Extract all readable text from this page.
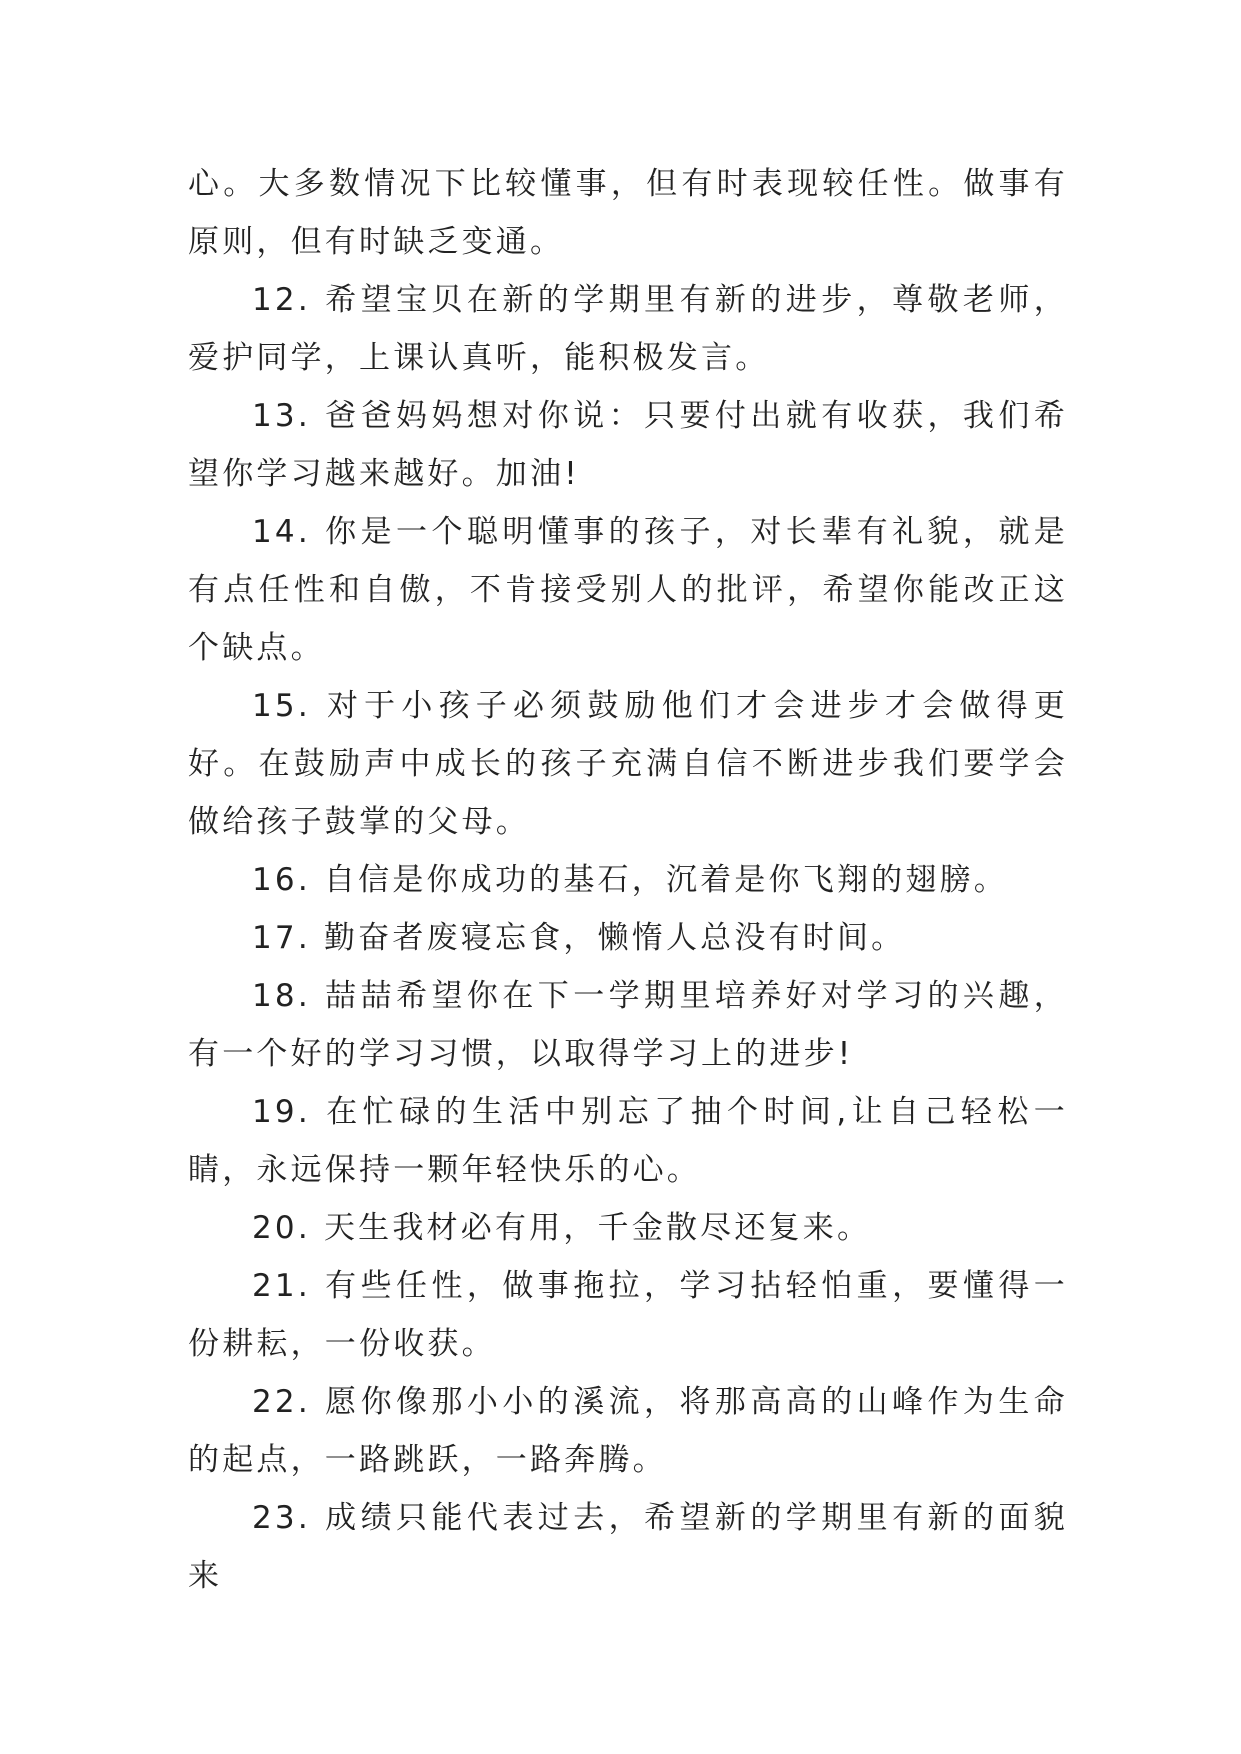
心。大多数情况下比较懂事，但有时表现较任性。做事有原则，但有时缺乏变通。

12. 希望宝贝在新的学期里有新的进步，尊敬老师，爱护同学，上课认真听，能积极发言。

13. 爸爸妈妈想对你说：只要付出就有收获，我们希望你学习越来越好。加油!

14. 你是一个聪明懂事的孩子，对长辈有礼貌，就是有点任性和自傲，不肯接受别人的批评，希望你能改正这个缺点。

15. 对于小孩子必须鼓励他们才会进步才会做得更好。在鼓励声中成长的孩子充满自信不断进步我们要学会做给孩子鼓掌的父母。

16. 自信是你成功的基石，沉着是你飞翔的翅膀。

17. 勤奋者废寝忘食，懒惰人总没有时间。

18. 喆喆希望你在下一学期里培养好对学习的兴趣，有一个好的学习习惯，以取得学习上的进步!

19. 在忙碌的生活中别忘了抽个时间,让自己轻松一睛，永远保持一颗年轻快乐的心。

20. 天生我材必有用，千金散尽还复来。

21. 有些任性，做事拖拉，学习拈轻怕重，要懂得一份耕耘，一份收获。

22. 愿你像那小小的溪流，将那高高的山峰作为生命的起点，一路跳跃，一路奔腾。

23. 成绩只能代表过去，希望新的学期里有新的面貌来
